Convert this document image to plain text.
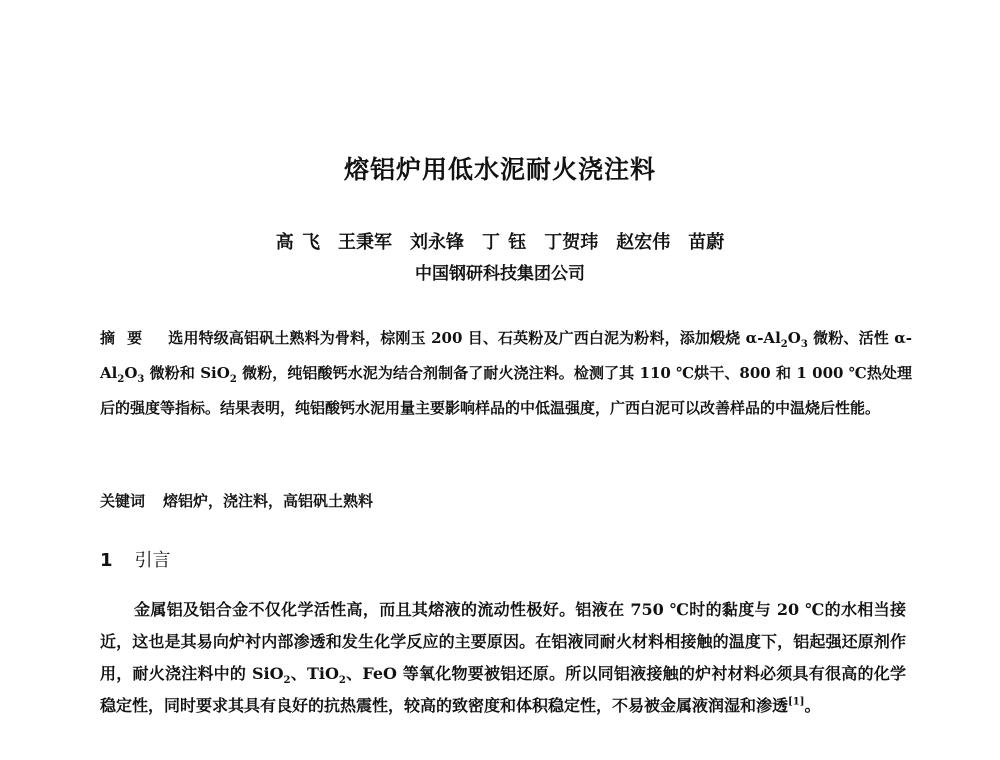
熔铝炉用低水泥耐火浇注料
高 飞　王秉军　刘永锋　丁 钰　丁贺玮　赵宏伟　苗蔚
中国钢研科技集团公司
摘要 选用特级高铝矾土熟料为骨料，棕刚玉 200 目、石英粉及广西白泥为粉料，添加煅烧 $\alpha-Al_2O_3$ 微粉、活性 $\alpha-Al_2O_3$ 微粉和 SiO$_2$ 微粉，纯铝酸钙水泥为结合剂制备了耐火浇注料。检测了其 110 ℃烘干、800 和 1 000 ℃热处理后的强度等指标。结果表明，纯铝酸钙水泥用量主要影响样品的中低温强度，广西白泥可以改善样品的中温烧后性能。
关键词 熔铝炉，浇注料，高铝矾土熟料
1 引言
金属铝及铝合金不仅化学活性高，而且其熔液的流动性极好。铝液在 750 ℃时的黏度与 20 ℃的水相当接近，这也是其易向炉衬内部渗透和发生化学反应的主要原因。在铝液同耐火材料相接触的温度下，铝起强还原剂作用，耐火浇注料中的 SiO$_2$、TiO$_2$、FeO 等氧化物要被铝还原。所以同铝液接触的炉衬材料必须具有很高的化学稳定性，同时要求其具有良好的抗热震性，较高的致密度和体积稳定性，不易被金属液润湿和渗透[1]。
